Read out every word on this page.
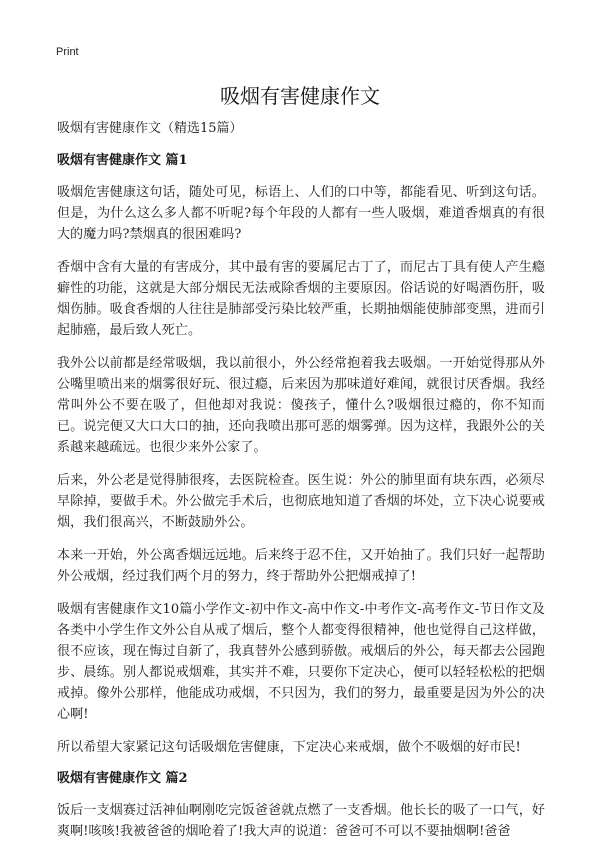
Print
吸烟有害健康作文

吸烟有害健康作文（精选15篇）

吸烟有害健康作文 篇1

吸烟危害健康这句话，随处可见，标语上、人们的口中等，都能看见、听到这句话。但是，为什么这么多人都不听呢?每个年段的人都有一些人吸烟，难道香烟真的有很大的魔力吗?禁烟真的很困难吗?

香烟中含有大量的有害成分，其中最有害的要属尼古丁了，而尼古丁具有使人产生瘾癖性的功能，这就是大部分烟民无法戒除香烟的主要原因。俗话说的好喝酒伤肝，吸烟伤肺。吸食香烟的人往往是肺部受污染比较严重，长期抽烟能使肺部变黑，进而引起肺癌，最后致人死亡。

我外公以前都是经常吸烟，我以前很小，外公经常抱着我去吸烟。一开始觉得那从外公嘴里喷出来的烟雾很好玩、很过瘾，后来因为那味道好难闻，就很讨厌香烟。我经常叫外公不要在吸了，但他却对我说：傻孩子，懂什么?吸烟很过瘾的，你不知而已。说完便又大口大口的抽，还向我喷出那可恶的烟雾弹。因为这样，我跟外公的关系越来越疏远。也很少来外公家了。

后来，外公老是觉得肺很疼，去医院检查。医生说：外公的肺里面有块东西，必须尽早除掉，要做手术。外公做完手术后，也彻底地知道了香烟的坏处，立下决心说要戒烟，我们很高兴，不断鼓励外公。

本来一开始，外公离香烟远远地。后来终于忍不住，又开始抽了。我们只好一起帮助外公戒烟，经过我们两个月的努力，终于帮助外公把烟戒掉了!

吸烟有害健康作文10篇小学作文-初中作文-高中作文-中考作文-高考作文-节日作文及各类中小学生作文外公自从戒了烟后，整个人都变得很精神，他也觉得自己这样做，很不应该，现在悔过自新了，我真替外公感到骄傲。戒烟后的外公，每天都去公园跑步、晨练。别人都说戒烟难，其实并不难，只要你下定决心，便可以轻轻松松的把烟戒掉。像外公那样，他能成功戒烟，不只因为，我们的努力，最重要是因为外公的决心啊!

所以希望大家紧记这句话吸烟危害健康，下定决心来戒烟，做个不吸烟的好市民!

吸烟有害健康作文 篇2

饭后一支烟赛过活神仙啊刚吃完饭爸爸就点燃了一支香烟。他长长的吸了一口气，好爽啊!咳咳!我被爸爸的烟呛着了!我大声的说道：爸爸可不可以不要抽烟啊!爸爸
